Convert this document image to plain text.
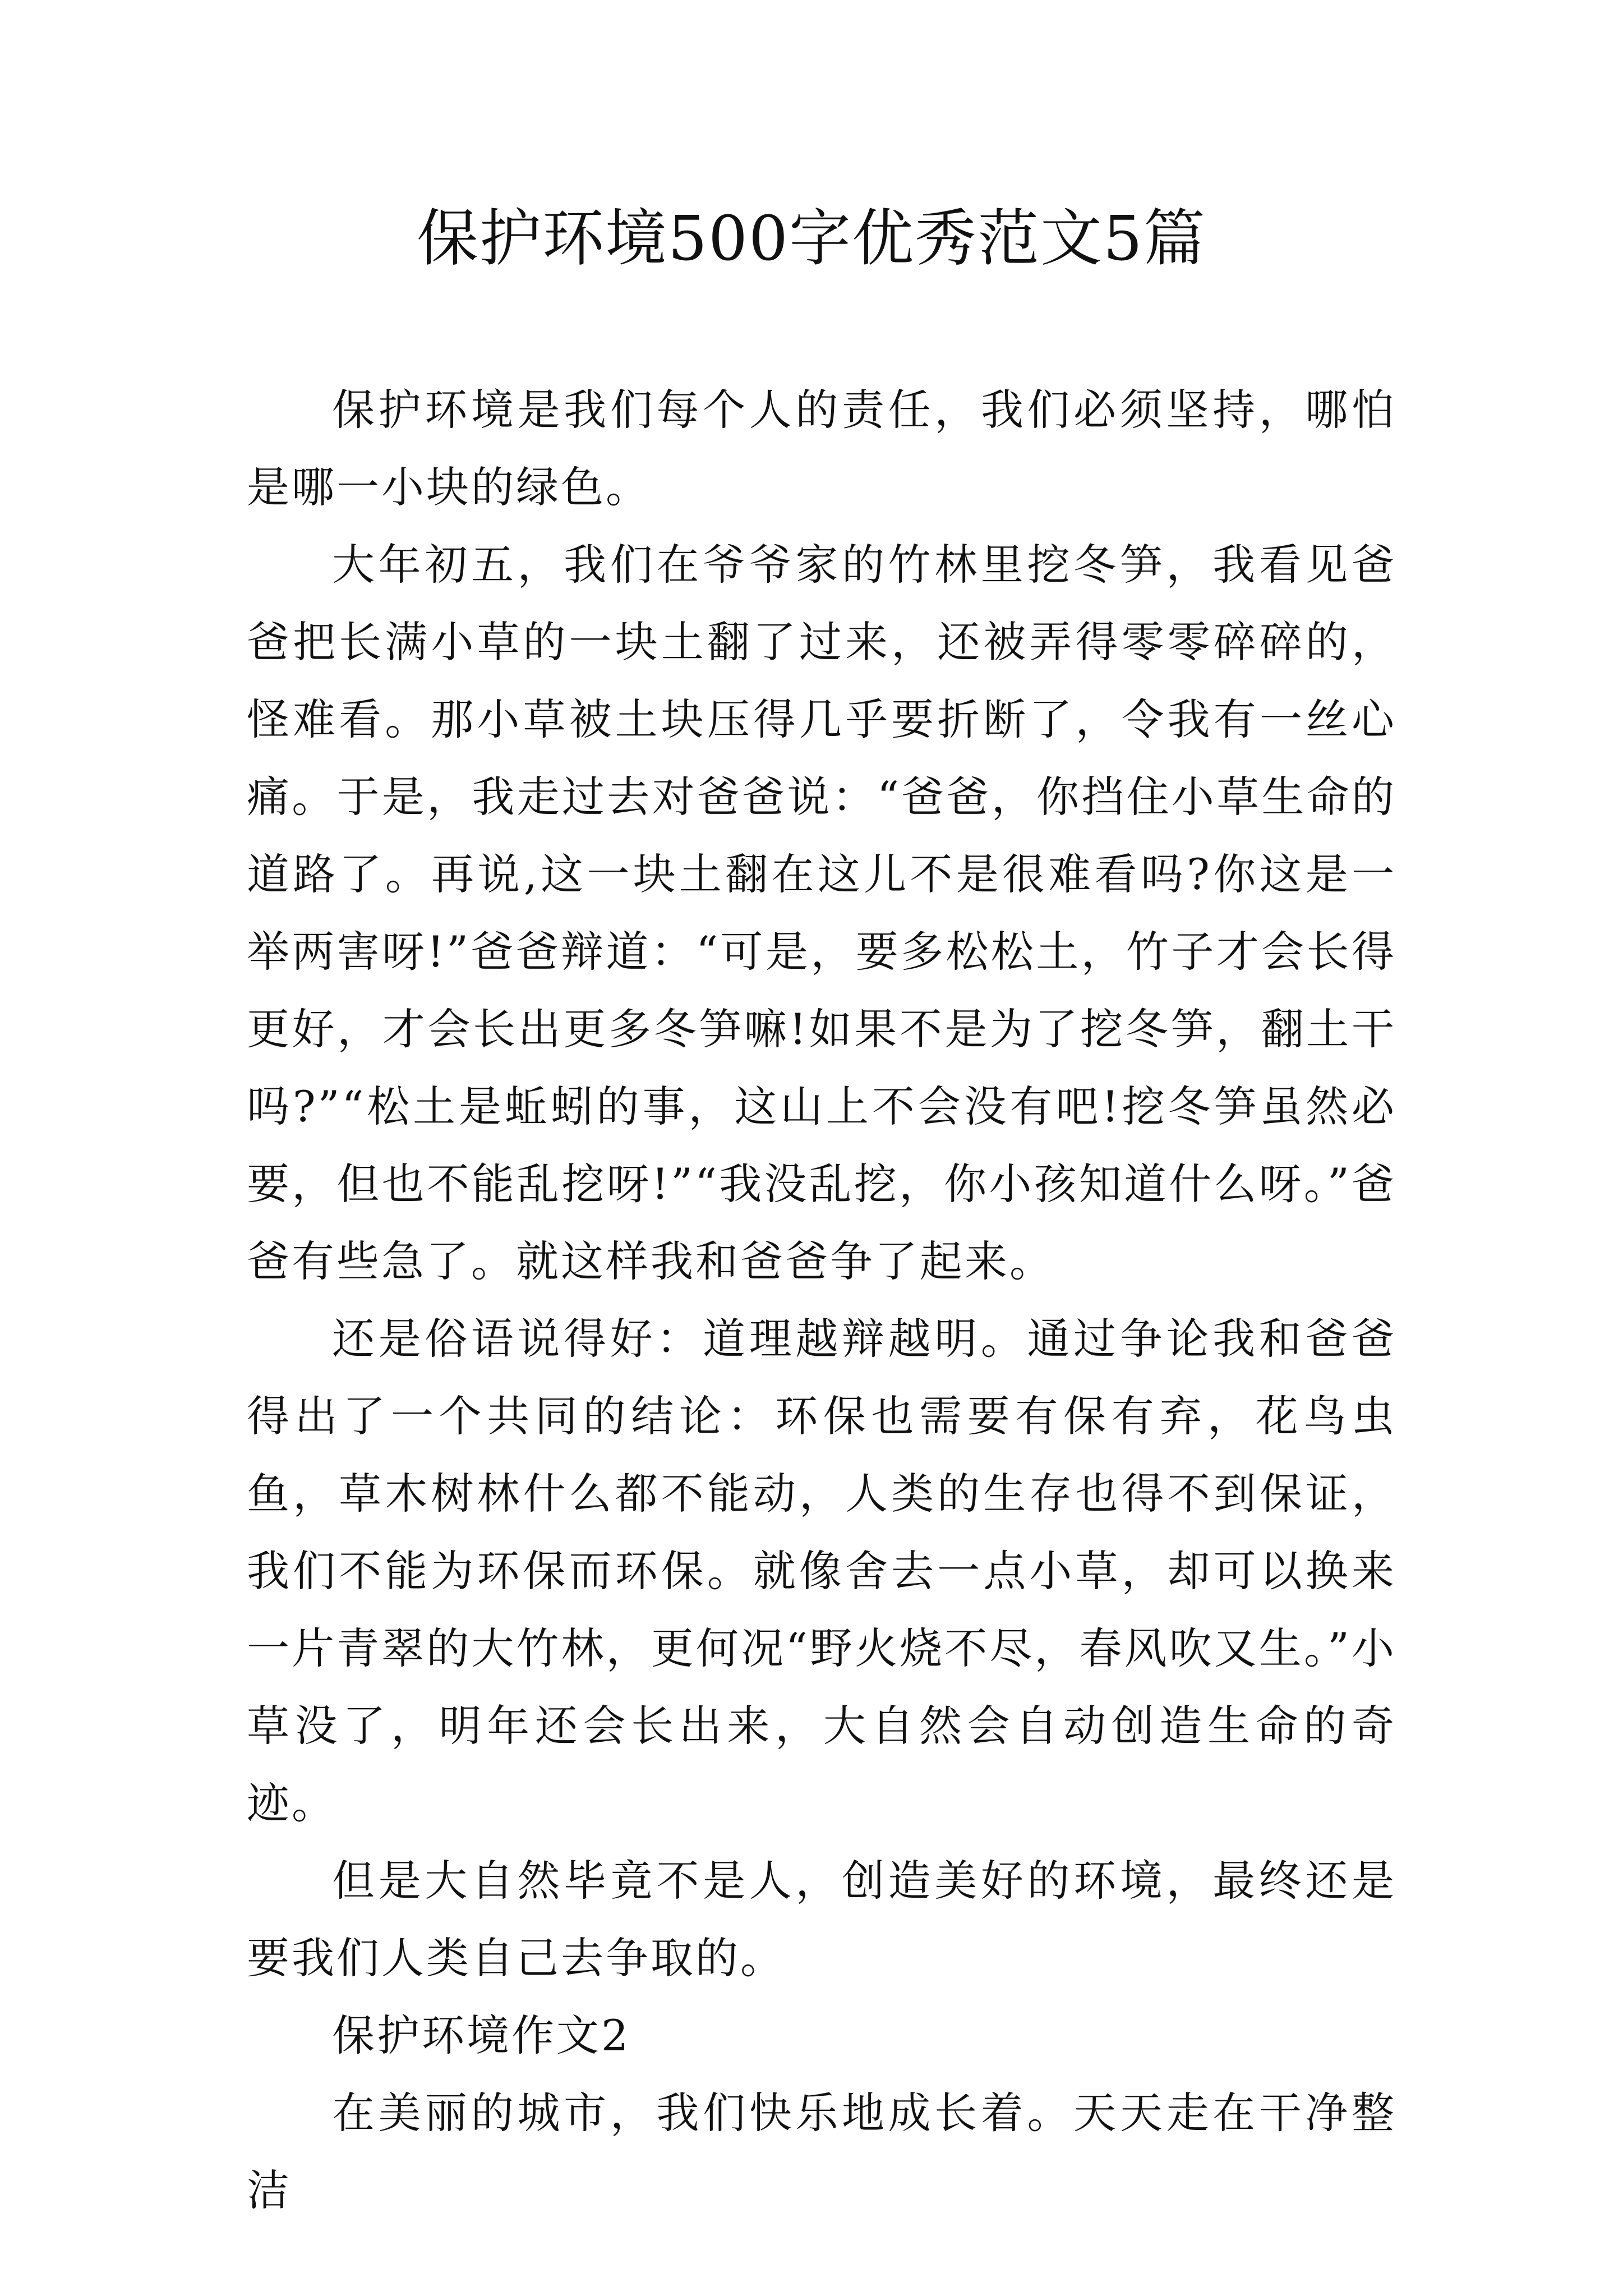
保护环境500字优秀范文5篇

保护环境是我们每个人的责任，我们必须坚持，哪怕是哪一小块的绿色。

大年初五，我们在爷爷家的竹林里挖冬笋，我看见爸爸把长满小草的一块土翻了过来，还被弄得零零碎碎的，怪难看。那小草被土块压得几乎要折断了，令我有一丝心痛。于是，我走过去对爸爸说：“爸爸，你挡住小草生命的道路了。再说,这一块土翻在这儿不是很难看吗?你这是一举两害呀!”爸爸辩道：“可是，要多松松土，竹子才会长得更好，才会长出更多冬笋嘛!如果不是为了挖冬笋，翻土干吗?”“松土是蚯蚓的事，这山上不会没有吧!挖冬笋虽然必要，但也不能乱挖呀!”“我没乱挖，你小孩知道什么呀。”爸爸有些急了。就这样我和爸爸争了起来。

还是俗语说得好：道理越辩越明。通过争论我和爸爸得出了一个共同的结论：环保也需要有保有弃，花鸟虫鱼，草木树林什么都不能动，人类的生存也得不到保证，我们不能为环保而环保。就像舍去一点小草，却可以换来一片青翠的大竹林，更何况“野火烧不尽，春风吹又生。”小草没了，明年还会长出来，大自然会自动创造生命的奇迹。

但是大自然毕竟不是人，创造美好的环境，最终还是要我们人类自己去争取的。

保护环境作文2

在美丽的城市，我们快乐地成长着。天天走在干净整洁
